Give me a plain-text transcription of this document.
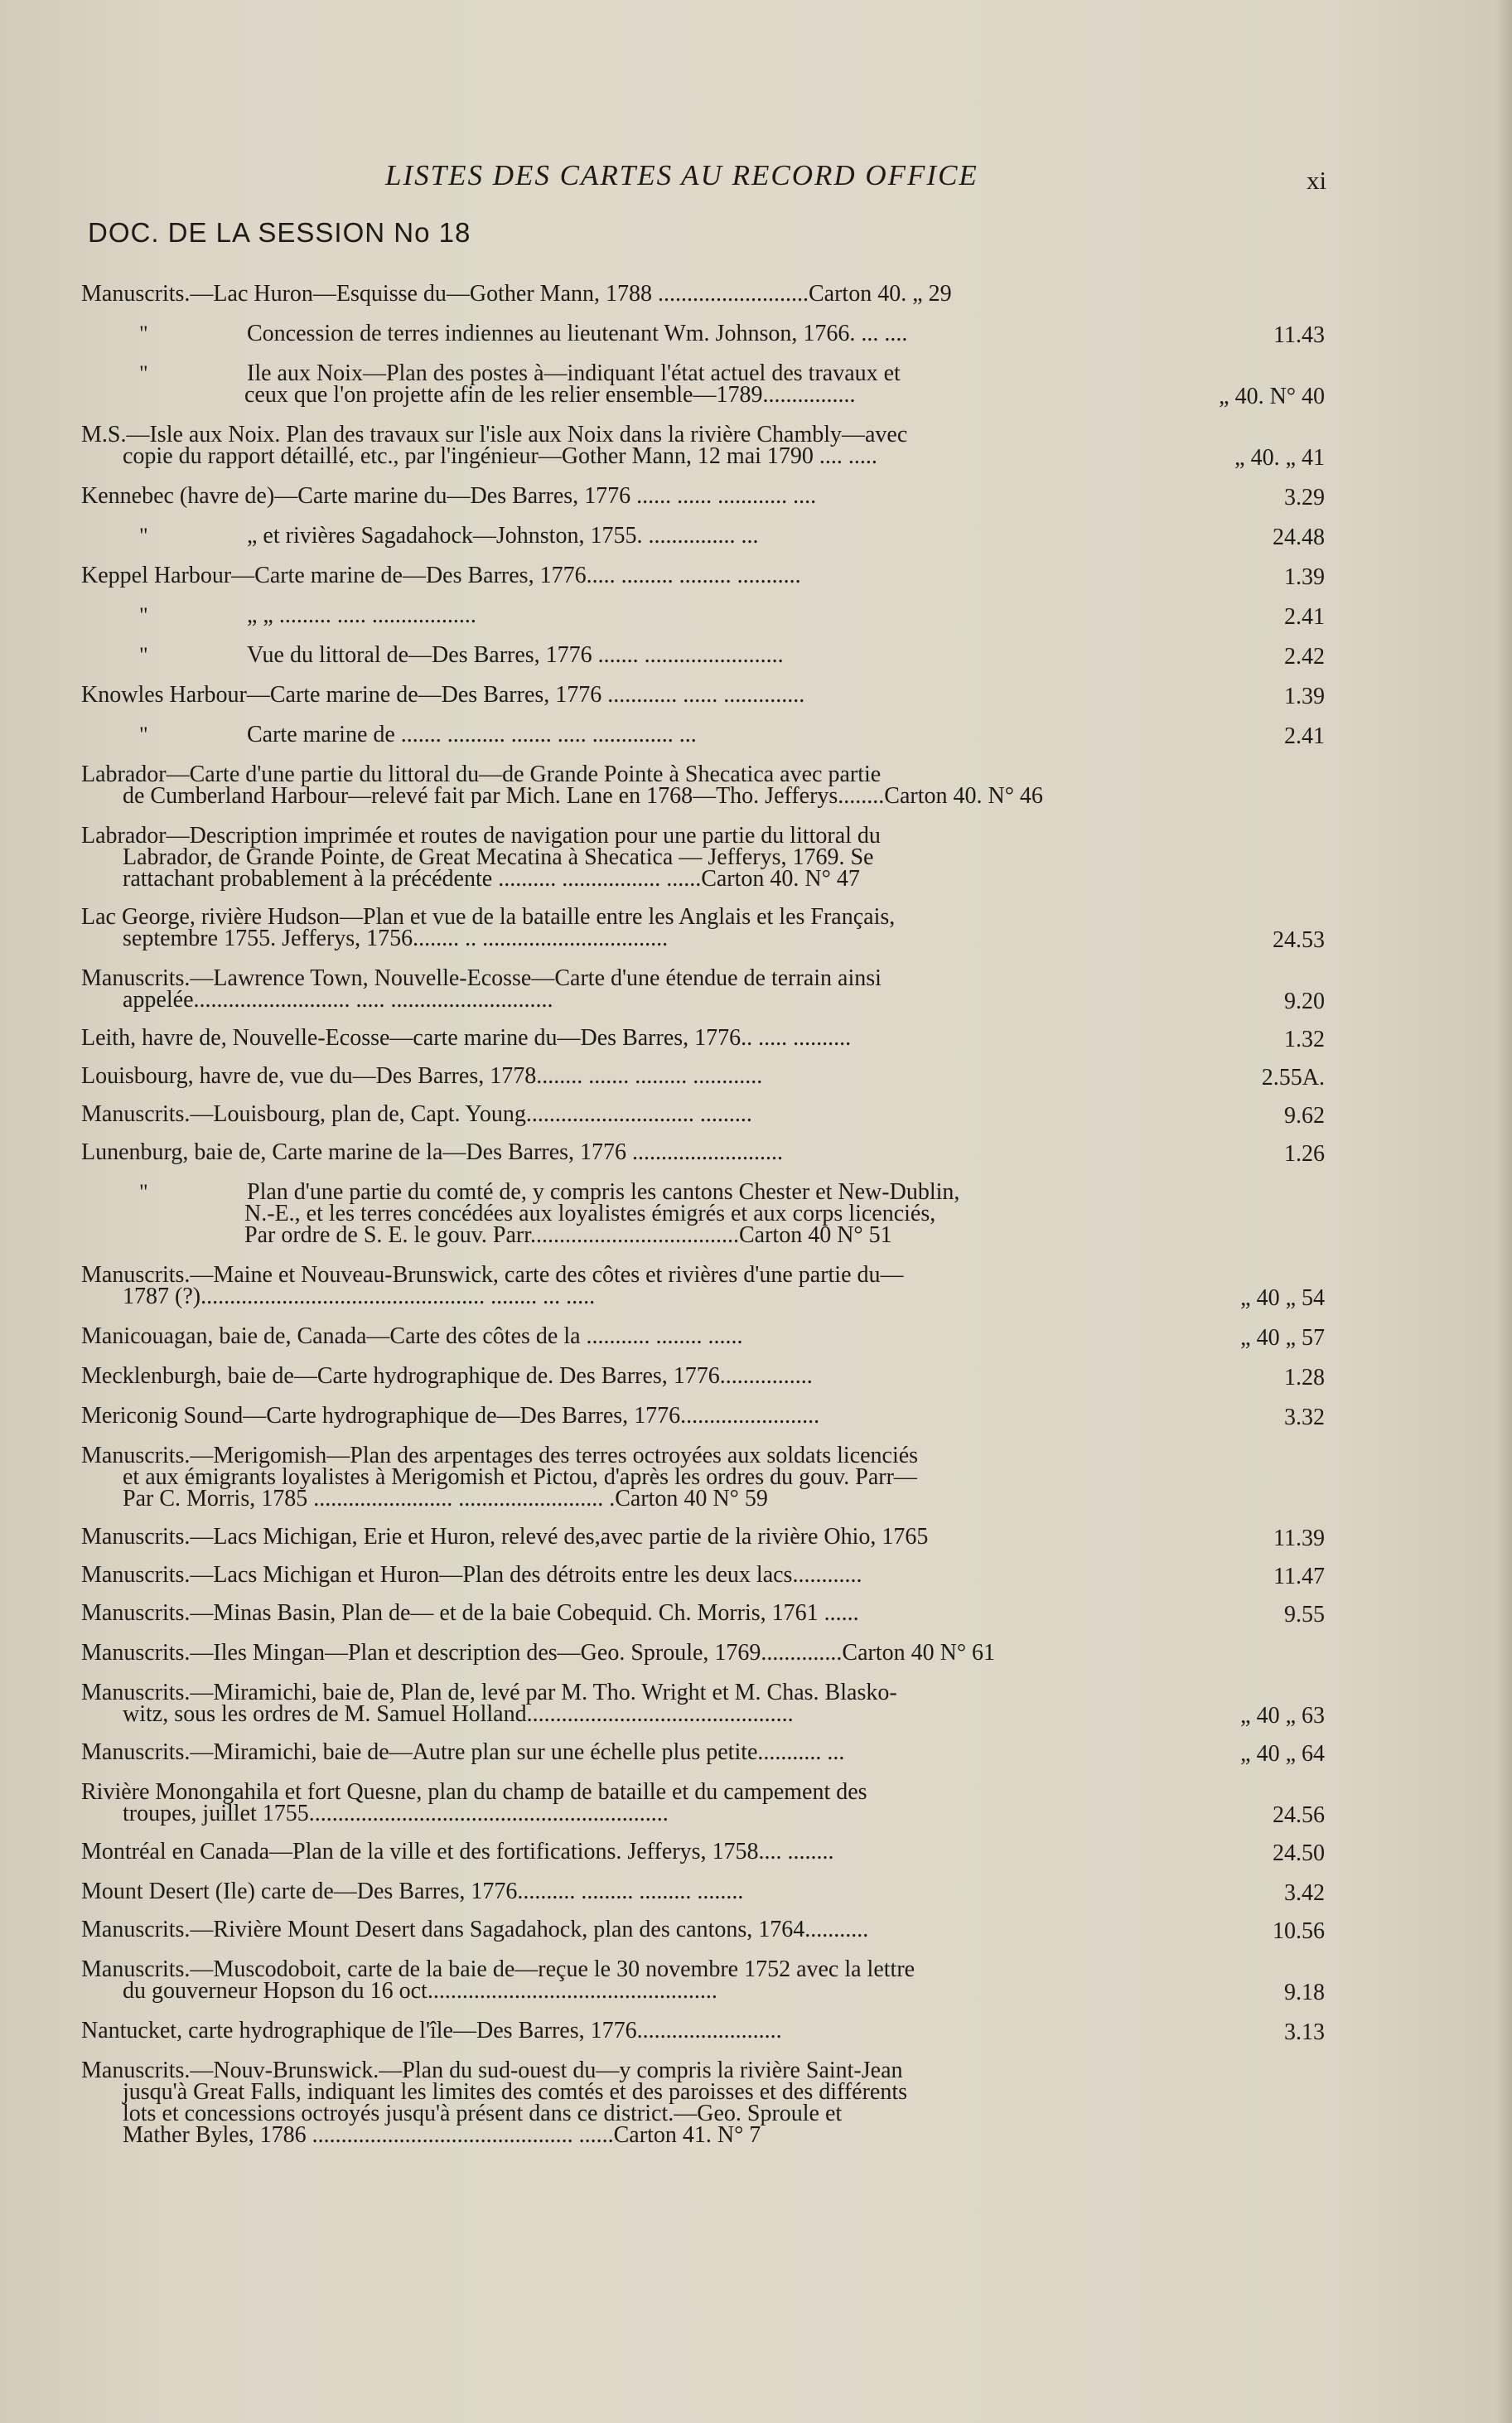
LISTES DES CARTES AU RECORD OFFICE	xi
DOC. DE LA SESSION No 18
Manuscrits.—Lac Huron—Esquisse du—Gother Mann, 1788 ..........................Carton 40. „ 29
"	Concession de terres indiennes au lieutenant Wm. Johnson, 1766. ... ....	11.43
"	Ile aux Noix—Plan des postes à—indiquant l'état actuel des travaux et
ceux que l'on projette afin de les relier ensemble—1789................	„ 40. N° 40
M.S.—Isle aux Noix. Plan des travaux sur l'isle aux Noix dans la rivière Chambly—avec
copie du rapport détaillé, etc., par l'ingénieur—Gother Mann, 12 mai 1790 .... .....	„ 40. „ 41
Kennebec (havre de)—Carte marine du—Des Barres, 1776 ...... ...... ............ ....	3.29
"	„ et rivières Sagadahock—Johnston, 1755. ............... ...	24.48
Keppel Harbour—Carte marine de—Des Barres, 1776..... ......... ......... ...........	1.39
"	„ „ ......... ..... ..................	2.41
"	Vue du littoral de—Des Barres, 1776 ....... ........................	2.42
Knowles Harbour—Carte marine de—Des Barres, 1776 ............ ...... ..............	1.39
"	Carte marine de ....... .......... ....... ..... .............. ...	2.41
Labrador—Carte d'une partie du littoral du—de Grande Pointe à Shecatica avec partie
de Cumberland Harbour—relevé fait par Mich. Lane en 1768—Tho. Jefferys........Carton 40. N° 46
Labrador—Description imprimée et routes de navigation pour une partie du littoral du
Labrador, de Grande Pointe, de Great Mecatina à Shecatica — Jefferys, 1769. Se
rattachant probablement à la précédente .......... ................. ......Carton 40. N° 47
Lac George, rivière Hudson—Plan et vue de la bataille entre les Anglais et les Français,
septembre 1755. Jefferys, 1756........ .. ................................	24.53
Manuscrits.—Lawrence Town, Nouvelle-Ecosse—Carte d'une étendue de terrain ainsi
appelée........................... ..... ............................	9.20
Leith, havre de, Nouvelle-Ecosse—carte marine du—Des Barres, 1776.. ..... ..........	1.32
Louisbourg, havre de, vue du—Des Barres, 1778........ ....... ......... ............	2.55A.
Manuscrits.—Louisbourg, plan de, Capt. Young............................. .........	9.62
Lunenburg, baie de, Carte marine de la—Des Barres, 1776 ..........................	1.26
"	Plan d'une partie du comté de, y compris les cantons Chester et New-Dublin,
N.-E., et les terres concédées aux loyalistes émigrés et aux corps licenciés,
Par ordre de S. E. le gouv. Parr....................................Carton 40 N° 51
Manuscrits.—Maine et Nouveau-Brunswick, carte des côtes et rivières d'une partie du—
1787 (?)................................................. ........ ... .....	„ 40 „ 54
Manicouagan, baie de, Canada—Carte des côtes de la ........... ........ ......	„ 40 „ 57
Mecklenburgh, baie de—Carte hydrographique de. Des Barres, 1776................	1.28
Mericonig Sound—Carte hydrographique de—Des Barres, 1776........................	3.32
Manuscrits.—Merigomish—Plan des arpentages des terres octroyées aux soldats licenciés
et aux émigrants loyalistes à Merigomish et Pictou, d'après les ordres du gouv. Parr—
Par C. Morris, 1785 ........................ ......................... .Carton 40 N° 59
Manuscrits.—Lacs Michigan, Erie et Huron, relevé des,avec partie de la rivière Ohio, 1765	11.39
Manuscrits.—Lacs Michigan et Huron—Plan des détroits entre les deux lacs............	11.47
Manuscrits.—Minas Basin, Plan de— et de la baie Cobequid. Ch. Morris, 1761 ......	9.55
Manuscrits.—Iles Mingan—Plan et description des—Geo. Sproule, 1769..............Carton 40 N° 61
Manuscrits.—Miramichi, baie de, Plan de, levé par M. Tho. Wright et M. Chas. Blasko-
witz, sous les ordres de M. Samuel Holland..............................................	„ 40 „ 63
Manuscrits.—Miramichi, baie de—Autre plan sur une échelle plus petite........... ...	„ 40 „ 64
Rivière Monongahila et fort Quesne, plan du champ de bataille et du campement des
troupes, juillet 1755..............................................................	24.56
Montréal en Canada—Plan de la ville et des fortifications. Jefferys, 1758.... ........	24.50
Mount Desert (Ile) carte de—Des Barres, 1776.......... ......... ......... ........	3.42
Manuscrits.—Rivière Mount Desert dans Sagadahock, plan des cantons, 1764...........	10.56
Manuscrits.—Muscodoboit, carte de la baie de—reçue le 30 novembre 1752 avec la lettre
du gouverneur Hopson du 16 oct..................................................	9.18
Nantucket, carte hydrographique de l'île—Des Barres, 1776.........................	3.13
Manuscrits.—Nouv-Brunswick.—Plan du sud-ouest du—y compris la rivière Saint-Jean
jusqu'à Great Falls, indiquant les limites des comtés et des paroisses et des différents
lots et concessions octroyés jusqu'à présent dans ce district.—Geo. Sproule et
Mather Byles, 1786 ............................................. ......Carton 41. N° 7
